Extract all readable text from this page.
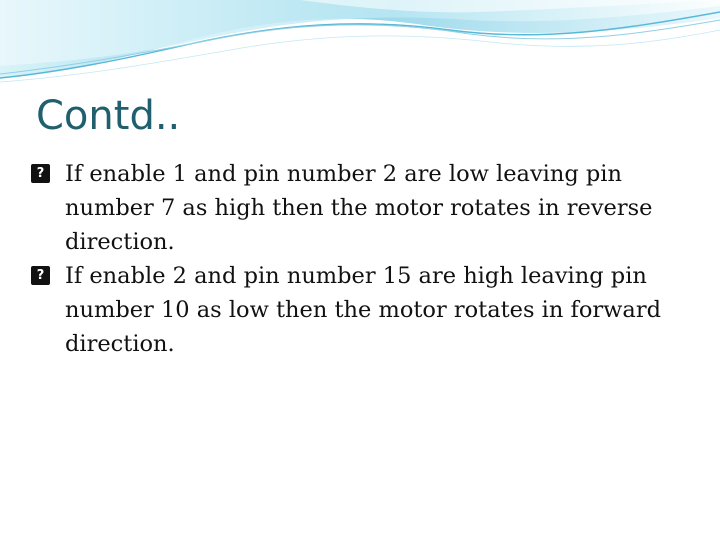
Contd..
? If enable 1 and pin number 2 are low leaving pin number 7 as high then the motor rotates in reverse direction.
? If enable 2 and pin number 15 are high leaving pin number 10 as low then the motor rotates in forward direction.
